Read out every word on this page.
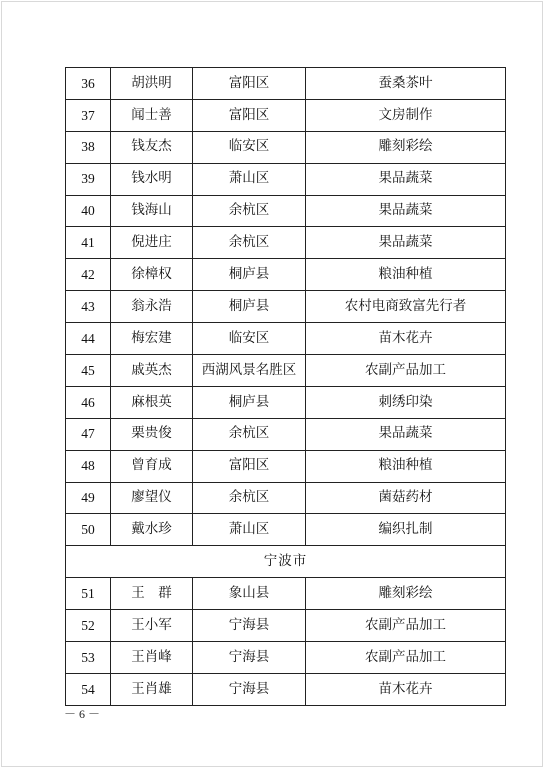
36	胡洪明	富阳区	蚕桑茶叶
37	闻士善	富阳区	文房制作
38	钱友杰	临安区	雕刻彩绘
39	钱水明	萧山区	果品蔬菜
40	钱海山	余杭区	果品蔬菜
41	倪进庄	余杭区	果品蔬菜
42	徐樟权	桐庐县	粮油种植
43	翁永浩	桐庐县	农村电商致富先行者
44	梅宏建	临安区	苗木花卉
45	戚英杰	西湖风景名胜区	农副产品加工
46	麻根英	桐庐县	刺绣印染
47	栗贵俊	余杭区	果品蔬菜
48	曾育成	富阳区	粮油种植
49	廖望仪	余杭区	菌菇药材
50	戴水珍	萧山区	编织扎制
宁波市			
51	王　群	象山县	雕刻彩绘
52	王小军	宁海县	农副产品加工
53	王肖峰	宁海县	农副产品加工
54	王肖雄	宁海县	苗木花卉
－ 6 －
